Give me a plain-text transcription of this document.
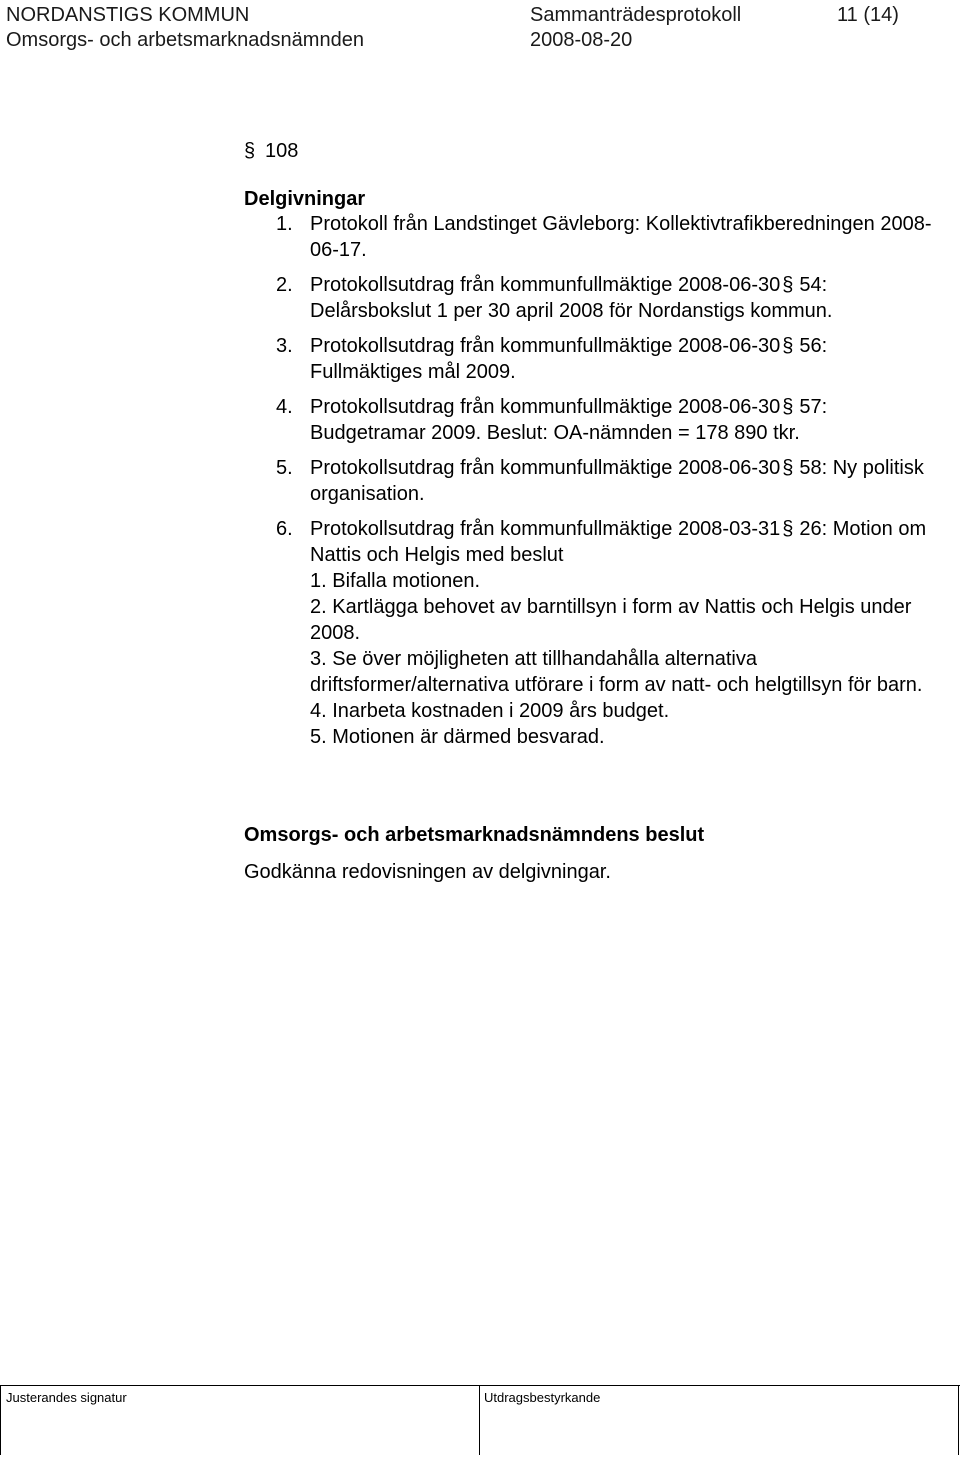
NORDANSTIGS KOMMUN	Sammanträdesprotokoll	11 (14)
Omsorgs- och arbetsmarknadsnämnden	2008-08-20
§ 108
Delgivningar
1. Protokoll från Landstinget Gävleborg: Kollektivtrafikberedningen 2008-06-17.
2. Protokollsutdrag från kommunfullmäktige 2008-06-30 § 54: Delårsbokslut 1 per 30 april 2008 för Nordanstigs kommun.
3. Protokollsutdrag från kommunfullmäktige 2008-06-30 § 56: Fullmäktiges mål 2009.
4. Protokollsutdrag från kommunfullmäktige 2008-06-30 § 57: Budgetramar 2009. Beslut: OA-nämnden = 178 890 tkr.
5. Protokollsutdrag från kommunfullmäktige 2008-06-30 § 58: Ny politisk organisation.
6. Protokollsutdrag från kommunfullmäktige 2008-03-31 § 26: Motion om Nattis och Helgis med beslut
1. Bifalla motionen.
2. Kartlägga behovet av barntillsyn i form av Nattis och Helgis under 2008.
3. Se över möjligheten att tillhandahålla alternativa driftsformer/alternativa utförare i form av natt- och helgtillsyn för barn.
4. Inarbeta kostnaden i 2009 års budget.
5. Motionen är därmed besvarad.
Omsorgs- och arbetsmarknadsnämndens beslut
Godkänna redovisningen av delgivningar.
Justerandes signatur	Utdragsbestyrkande
